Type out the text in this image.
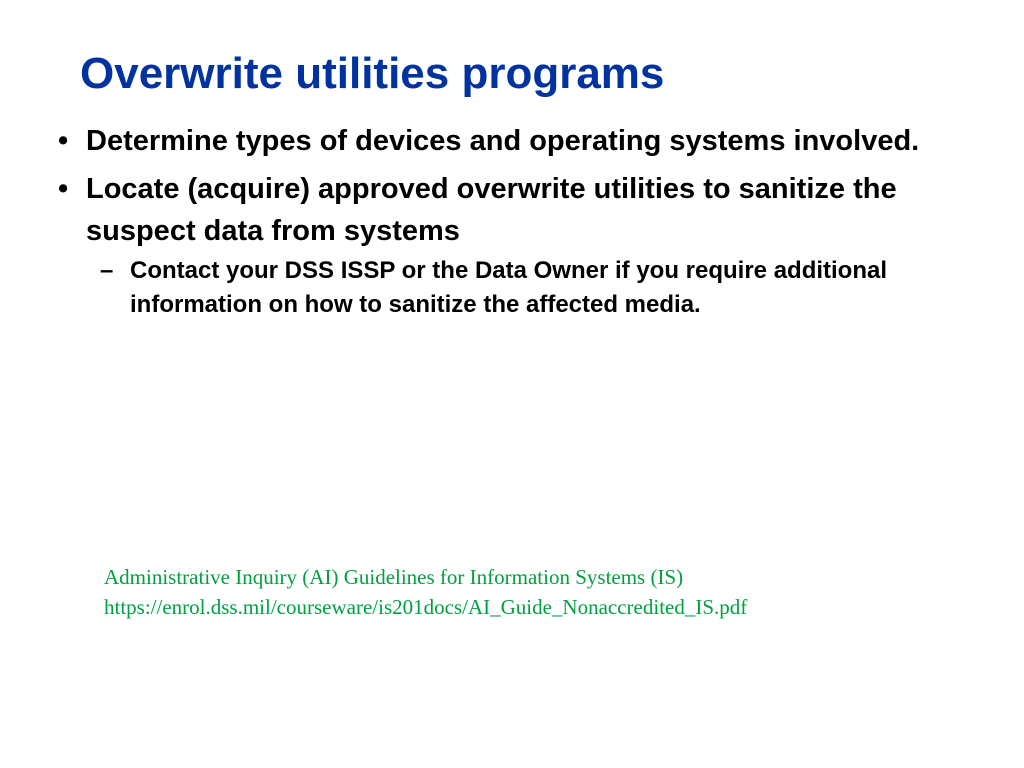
Overwrite utilities programs
• Determine types of devices and operating systems involved.
• Locate (acquire) approved overwrite utilities to sanitize the suspect data from systems
– Contact your DSS ISSP or the Data Owner if you require additional information on how to sanitize the affected media.

Administrative Inquiry (AI) Guidelines for Information Systems (IS)
https://enrol.dss.mil/courseware/is201docs/AI_Guide_Nonaccredited_IS.pdf
